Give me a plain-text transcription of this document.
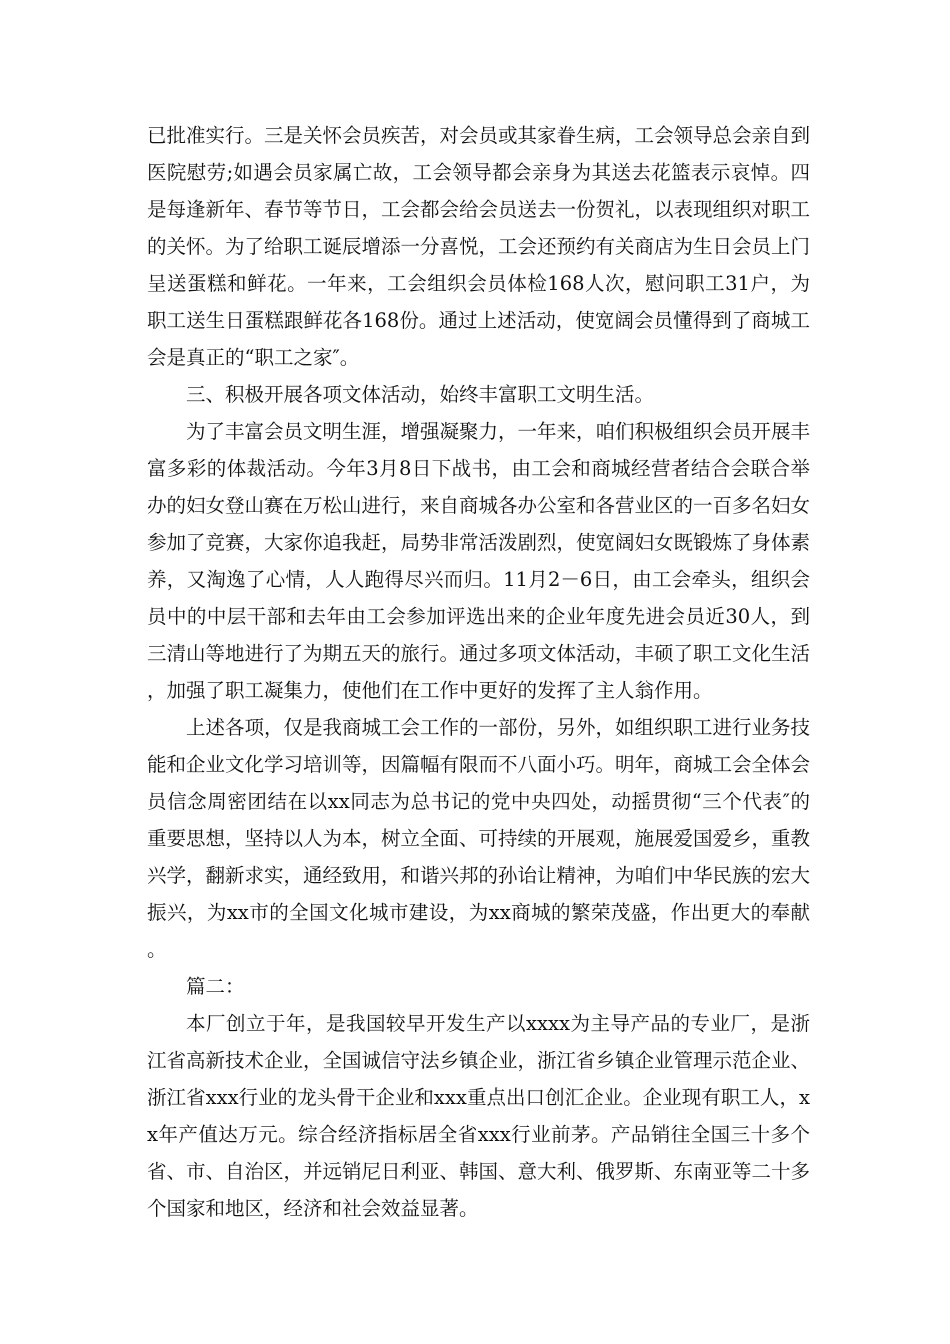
已批准实行。三是关怀会员疾苦，对会员或其家眷生病，工会领导总会亲自到医院慰劳;如遇会员家属亡故，工会领导都会亲身为其送去花篮表示哀悼。四是每逢新年、春节等节日，工会都会给会员送去一份贺礼，以表现组织对职工的关怀。为了给职工诞辰增添一分喜悦，工会还预约有关商店为生日会员上门呈送蛋糕和鲜花。一年来，工会组织会员体检168人次，慰问职工31户，为职工送生日蛋糕跟鲜花各168份。通过上述活动，使宽阔会员懂得到了商城工会是真正的“职工之家″。

三、积极开展各项文体活动，始终丰富职工文明生活。

为了丰富会员文明生涯，增强凝聚力，一年来，咱们积极组织会员开展丰富多彩的体裁活动。今年3月8日下战书，由工会和商城经营者结合会联合举办的妇女登山赛在万松山进行，来自商城各办公室和各营业区的一百多名妇女参加了竞赛，大家你追我赶，局势非常活泼剧烈，使宽阔妇女既锻炼了身体素养，又淘逸了心情，人人跑得尽兴而归。11月2－6日，由工会牵头，组织会员中的中层干部和去年由工会参加评选出来的企业年度先进会员近30人，到三清山等地进行了为期五天的旅行。通过多项文体活动，丰硕了职工文化生活，加强了职工凝集力，使他们在工作中更好的发挥了主人翁作用。

上述各项，仅是我商城工会工作的一部份，另外，如组织职工进行业务技能和企业文化学习培训等，因篇幅有限而不八面小巧。明年，商城工会全体会员信念周密团结在以xx同志为总书记的党中央四处，动摇贯彻“三个代表″的重要思想，坚持以人为本，树立全面、可持续的开展观，施展爱国爱乡，重教兴学，翻新求实，通经致用，和谐兴邦的孙诒让精神，为咱们中华民族的宏大振兴，为xx市的全国文化城市建设，为xx商城的繁荣茂盛，作出更大的奉献。

篇二：

本厂创立于年，是我国较早开发生产以xxxx为主导产品的专业厂，是浙江省高新技术企业，全国诚信守法乡镇企业，浙江省乡镇企业管理示范企业、浙江省xxx行业的龙头骨干企业和xxx重点出口创汇企业。企业现有职工人，xx年产值达万元。综合经济指标居全省xxx行业前茅。产品销往全国三十多个省、市、自治区，并远销尼日利亚、韩国、意大利、俄罗斯、东南亚等二十多个国家和地区，经济和社会效益显著。
